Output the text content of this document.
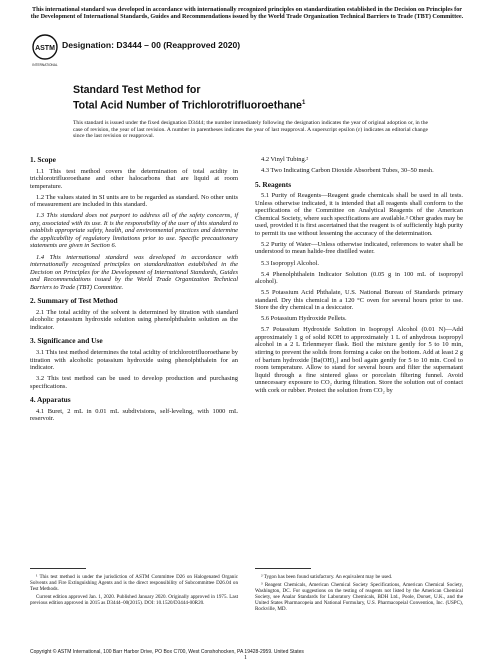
This international standard was developed in accordance with internationally recognized principles on standardization established in the Decision on Principles for the Development of International Standards, Guides and Recommendations issued by the World Trade Organization Technical Barriers to Trade (TBT) Committee.
ASTM
INTERNATIONAL
Designation: D3444 – 00 (Reapproved 2020)
Standard Test Method for
Total Acid Number of Trichlorotrifluoroethane$^1$
This standard is issued under the fixed designation D3444; the number immediately following the designation indicates the year of original adoption or, in the case of revision, the year of last revision. A number in parentheses indicates the year of last reapproval. A superscript epsilon (ε) indicates an editorial change since the last revision or reapproval.
1. Scope

1.1 This test method covers the determination of total acidity in trichlorotrifluoroethane and other halocarbons that are liquid at room temperature.

1.2 The values stated in SI units are to be regarded as standard. No other units of measurement are included in this standard.

1.3 This standard does not purport to address all of the safety concerns, if any, associated with its use. It is the responsibility of the user of this standard to establish appropriate safety, health, and environmental practices and determine the applicability of regulatory limitations prior to use. Specific precautionary statements are given in Section 6.

1.4 This international standard was developed in accordance with internationally recognized principles on standardization established in the Decision on Principles for the Development of International Standards, Guides and Recommendations issued by the World Trade Organization Technical Barriers to Trade (TBT) Committee.

2. Summary of Test Method

2.1 The total acidity of the solvent is determined by titration with standard alcoholic potassium hydroxide solution using phenolphthalein solution as the indicator.

3. Significance and Use

3.1 This test method determines the total acidity of trichlorotrifluoroethane by titration with alcoholic potassium hydroxide using phenolphthalein for an indicator.

3.2 This test method can be used to develop production and purchasing specifications.

4. Apparatus

4.1 Buret, 2 mL in 0.01 mL subdivisions, self-leveling, with 1000 mL reservoir.

4.2 Vinyl Tubing.²

4.3 Two Indicating Carbon Dioxide Absorbent Tubes, 30–50 mesh.

5. Reagents

5.1 Purity of Reagents—Reagent grade chemicals shall be used in all tests. Unless otherwise indicated, it is intended that all reagents shall conform to the specifications of the Committee on Analytical Reagents of the American Chemical Society, where such specifications are available.³ Other grades may be used, provided it is first ascertained that the reagent is of sufficiently high purity to permit its use without lessening the accuracy of the determination.

5.2 Purity of Water—Unless otherwise indicated, references to water shall be understood to mean halide-free distilled water.

5.3 Isopropyl Alcohol.

5.4 Phenolphthalein Indicator Solution (0.05 g in 100 mL of isopropyl alcohol).

5.5 Potassium Acid Phthalate, U.S. National Bureau of Standards primary standard. Dry this chemical in a 120 °C oven for several hours prior to use. Store the dry chemical in a desiccator.

5.6 Potassium Hydroxide Pellets.

5.7 Potassium Hydroxide Solution in Isopropyl Alcohol (0.01 N)—Add approximately 1 g of solid KOH to approximately 1 L of anhydrous isopropyl alcohol in a 2 L Erlenmeyer flask. Boil the mixture gently for 5 to 10 min, stirring to prevent the solids from forming a cake on the bottom. Add at least 2 g of barium hydroxide [Ba(OH)₂] and boil again gently for 5 to 10 min. Cool to room temperature. Allow to stand for several hours and filter the supernatant liquid through a fine sintered glass or porcelain filtering funnel. Avoid unnecessary exposure to CO₂ during filtration. Store the solution out of contact with cork or rubber. Protect the solution from CO₂ by

¹ This test method is under the jurisdiction of ASTM Committee D26 on Halogenated Organic Solvents and Fire Extinguishing Agents and is the direct responsibility of Subcommittee D26.04 on Test Methods.

Current edition approved Jan. 1, 2020. Published January 2020. Originally approved in 1975. Last previous edition approved in 2015 as D3444–00(2015). DOI: 10.1520/D3444-00R20.

² Tygon has been found satisfactory. An equivalent may be used.

³ Reagent Chemicals, American Chemical Society Specifications, American Chemical Society, Washington, DC. For suggestions on the testing of reagents not listed by the American Chemical Society, see Analar Standards for Laboratory Chemicals, BDH Ltd., Poole, Dorset, U.K., and the United States Pharmacopeia and National Formulary, U.S. Pharmacopeial Convention, Inc. (USPC), Rockville, MD.

Copyright © ASTM International, 100 Barr Harbor Drive, PO Box C700, West Conshohocken, PA 19428-2959. United States
1
